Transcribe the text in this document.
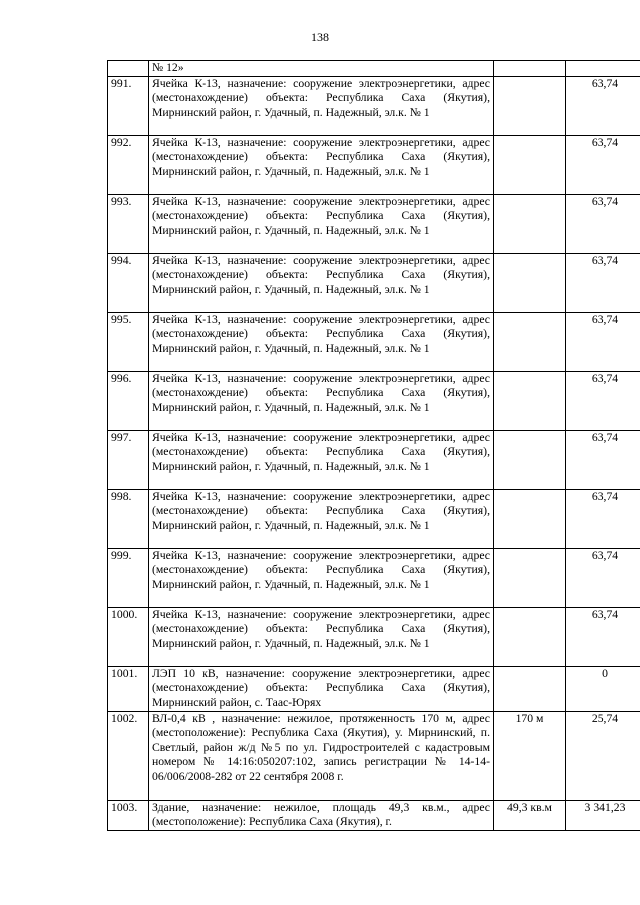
138

	№ 12»		

991.	Ячейка К-13, назначение: сооружение электроэнергетики, адрес (местонахождение) объекта: Республика Саха (Якутия), Мирнинский район, г. Удачный, п. Надежный, эл.к. № 1		63,74
992.	Ячейка К-13, назначение: сооружение электроэнергетики, адрес (местонахождение) объекта: Республика Саха (Якутия), Мирнинский район, г. Удачный, п. Надежный, эл.к. № 1		63,74
993.	Ячейка К-13, назначение: сооружение электроэнергетики, адрес (местонахождение) объекта: Республика Саха (Якутия), Мирнинский район, г. Удачный, п. Надежный, эл.к. № 1		63,74
994.	Ячейка К-13, назначение: сооружение электроэнергетики, адрес (местонахождение) объекта: Республика Саха (Якутия), Мирнинский район, г. Удачный, п. Надежный, эл.к. № 1		63,74
995.	Ячейка К-13, назначение: сооружение электроэнергетики, адрес (местонахождение) объекта: Республика Саха (Якутия), Мирнинский район, г. Удачный, п. Надежный, эл.к. № 1		63,74
996.	Ячейка К-13, назначение: сооружение электроэнергетики, адрес (местонахождение) объекта: Республика Саха (Якутия), Мирнинский район, г. Удачный, п. Надежный, эл.к. № 1		63,74
997.	Ячейка К-13, назначение: сооружение электроэнергетики, адрес (местонахождение) объекта: Республика Саха (Якутия), Мирнинский район, г. Удачный, п. Надежный, эл.к. № 1		63,74
998.	Ячейка К-13, назначение: сооружение электроэнергетики, адрес (местонахождение) объекта: Республика Саха (Якутия), Мирнинский район, г. Удачный, п. Надежный, эл.к. № 1		63,74
999.	Ячейка К-13, назначение: сооружение электроэнергетики, адрес (местонахождение) объекта: Республика Саха (Якутия), Мирнинский район, г. Удачный, п. Надежный, эл.к. № 1		63,74
1000.	Ячейка К-13, назначение: сооружение электроэнергетики, адрес (местонахождение) объекта: Республика Саха (Якутия), Мирнинский район, г. Удачный, п. Надежный, эл.к. № 1		63,74
1001.	ЛЭП 10 кВ, назначение: сооружение электроэнергетики, адрес (местонахождение) объекта: Республика Саха (Якутия), Мирнинский район, с. Таас-Юрях		0
1002.	ВЛ-0,4 кВ , назначение: нежилое, протяженность 170 м, адрес (местоположение): Республика Саха (Якутия), у. Мирнинский, п. Светлый, район ж/д №5 по ул. Гидростроителей с кадастровым номером № 14:16:050207:102, запись регистрации № 14-14-06/006/2008-282 от 22 сентября 2008 г.	170 м	25,74
1003.	Здание, назначение: нежилое, площадь 49,3 кв.м., адрес (местоположение): Республика Саха (Якутия), г.	49,3 кв.м	3 341,23
